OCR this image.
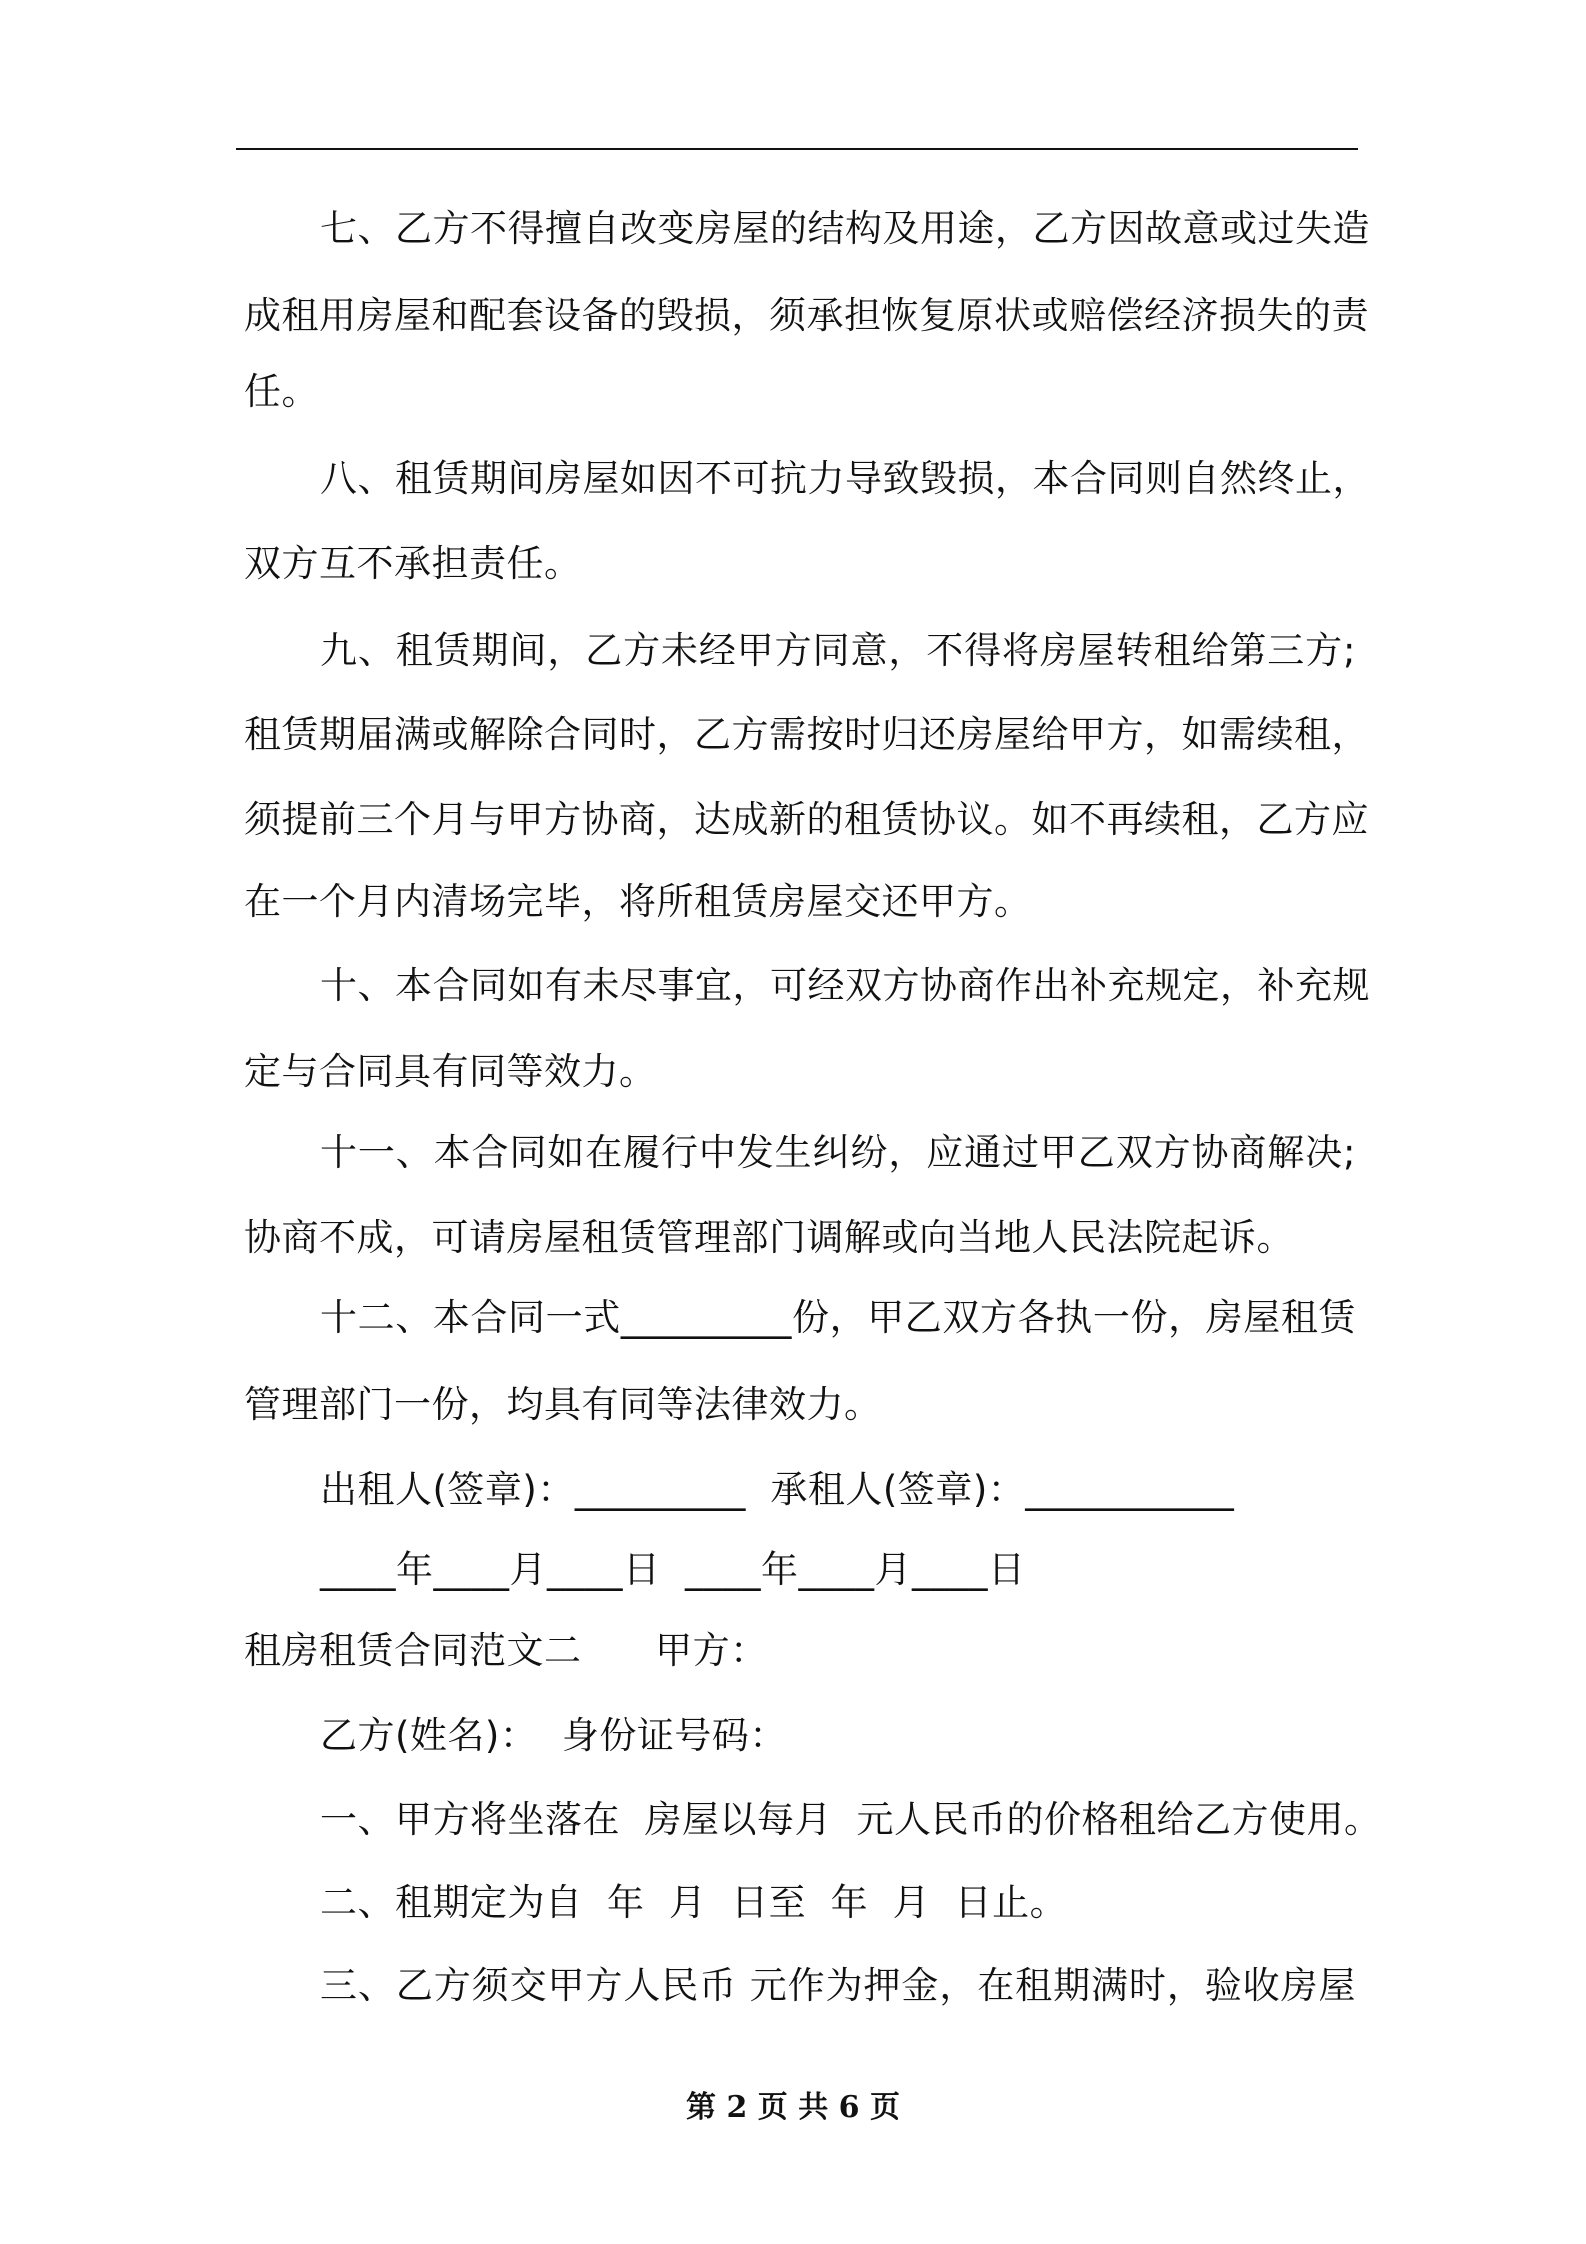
七、乙方不得擅自改变房屋的结构及用途，乙方因故意或过失造
成租用房屋和配套设备的毁损，须承担恢复原状或赔偿经济损失的责
任。
八、租赁期间房屋如因不可抗力导致毁损，本合同则自然终止，
双方互不承担责任。
九、租赁期间，乙方未经甲方同意，不得将房屋转租给第三方;
租赁期届满或解除合同时，乙方需按时归还房屋给甲方，如需续租，
须提前三个月与甲方协商，达成新的租赁协议。如不再续租，乙方应
在一个月内清场完毕，将所租赁房屋交还甲方。
十、本合同如有未尽事宜，可经双方协商作出补充规定，补充规
定与合同具有同等效力。
十一、本合同如在履行中发生纠纷，应通过甲乙双方协商解决;
协商不成，可请房屋租赁管理部门调解或向当地人民法院起诉。
十二、本合同一式_________份，甲乙双方各执一份，房屋租赁
管理部门一份，均具有同等法律效力。
出租人(签章)：_________  承租人(签章)：___________
____年____月____日  ____年____月____日
租房租赁合同范文二      甲方：
乙方(姓名)：  身份证号码：
一、甲方将坐落在  房屋以每月  元人民币的价格租给乙方使用。
二、租期定为自  年  月  日至  年  月  日止。
三、乙方须交甲方人民币 元作为押金，在租期满时，验收房屋
第 2 页 共 6 页
